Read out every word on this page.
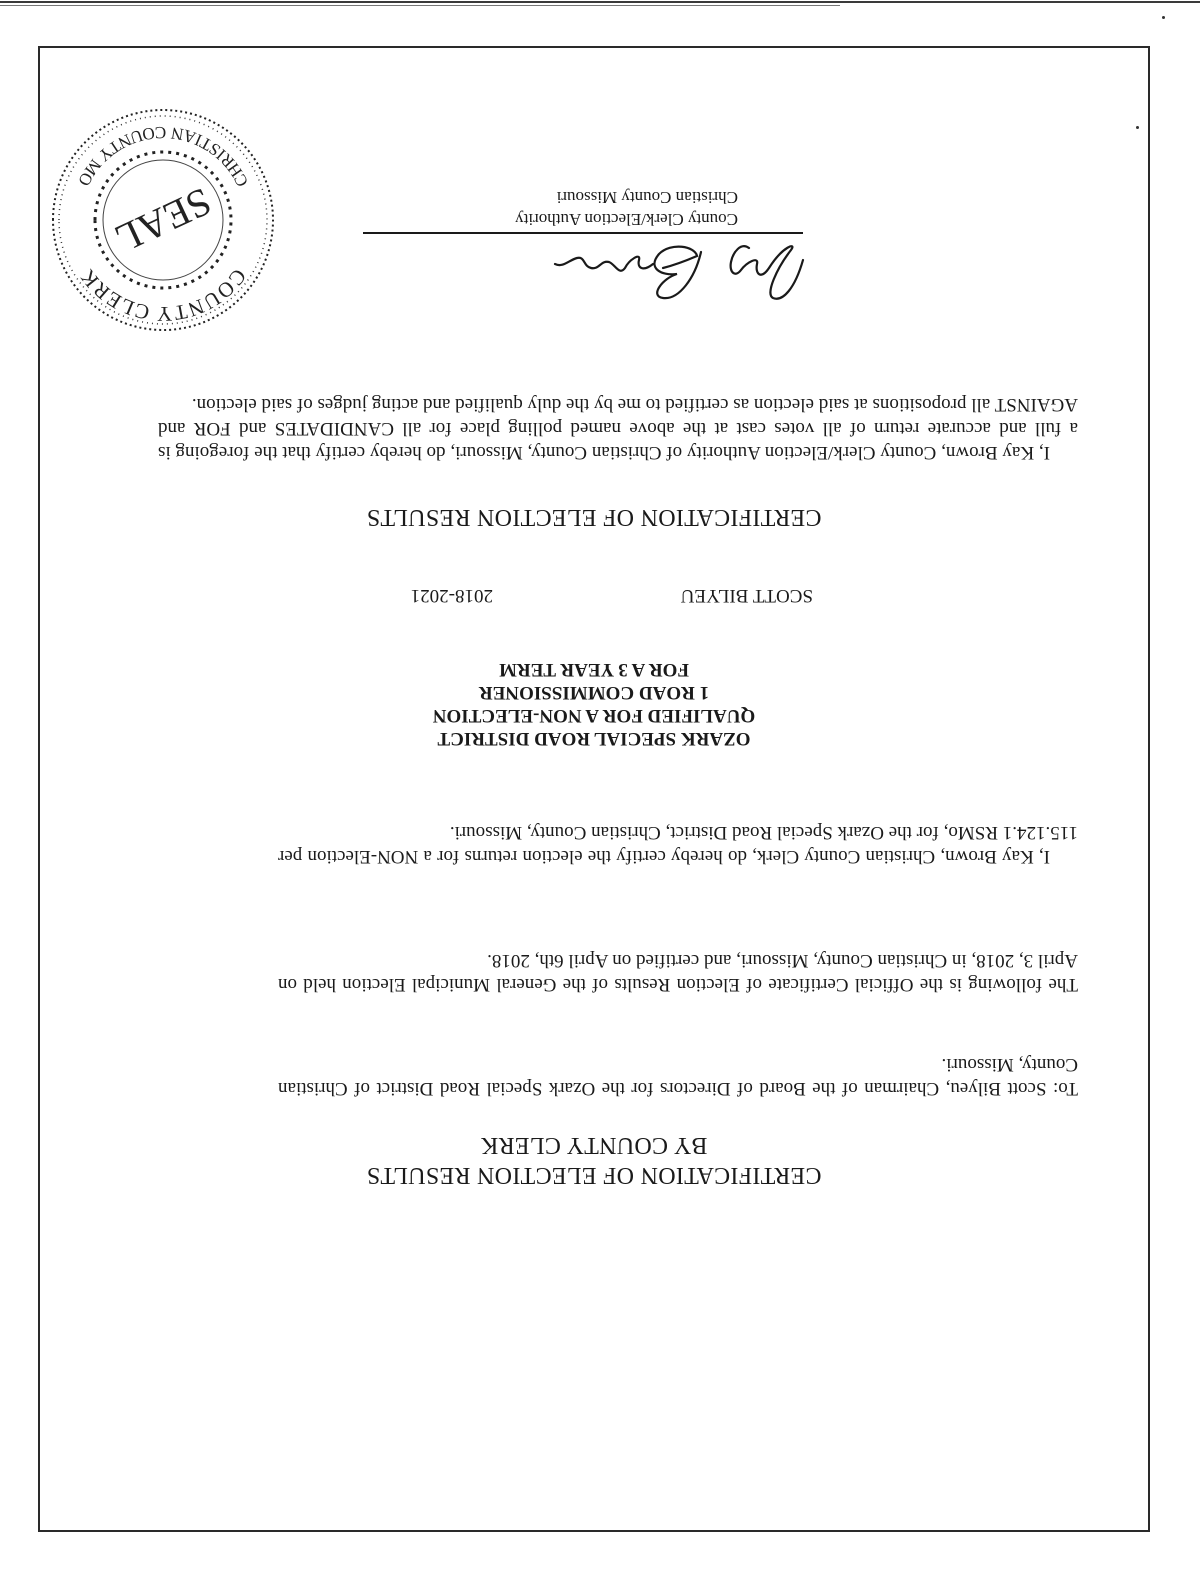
CERTIFICATION OF ELECTION RESULTS
BY COUNTY CLERK
To: Scott Bilyeu, Chairman of the Board of Directors for the Ozark Special Road District of Christian County, Missouri.
The following is the Official Certificate of Election Results of the General Municipal Election held on April 3, 2018, in Christian County, Missouri, and certified on April 6th, 2018.
I, Kay Brown, Christian County Clerk, do hereby certify the election returns for a NON-Election per 115.124.1 RSMo, for the Ozark Special Road District, Christian County, Missouri.
OZARK SPECIAL ROAD DISTRICT
QUALIFIED FOR A NON-ELECTION
1 ROAD COMMISSIONER
FOR A 3 YEAR TERM
SCOTT BILYEU
2018-2021
CERTIFICATION OF ELECTION RESULTS
I, Kay Brown, County Clerk/Election Authority of Christian County, Missouri, do hereby certify that the foregoing is a full and accurate return of all votes cast at the above named polling place for all CANDIDATES and FOR and AGAINST all propositions at said election as certified to me by the duly qualified and acting judges of said election.
County Clerk/Election Authority
Christian County Missouri
COUNTY CLERK
CHRISTIAN COUNTY MO SEAL
